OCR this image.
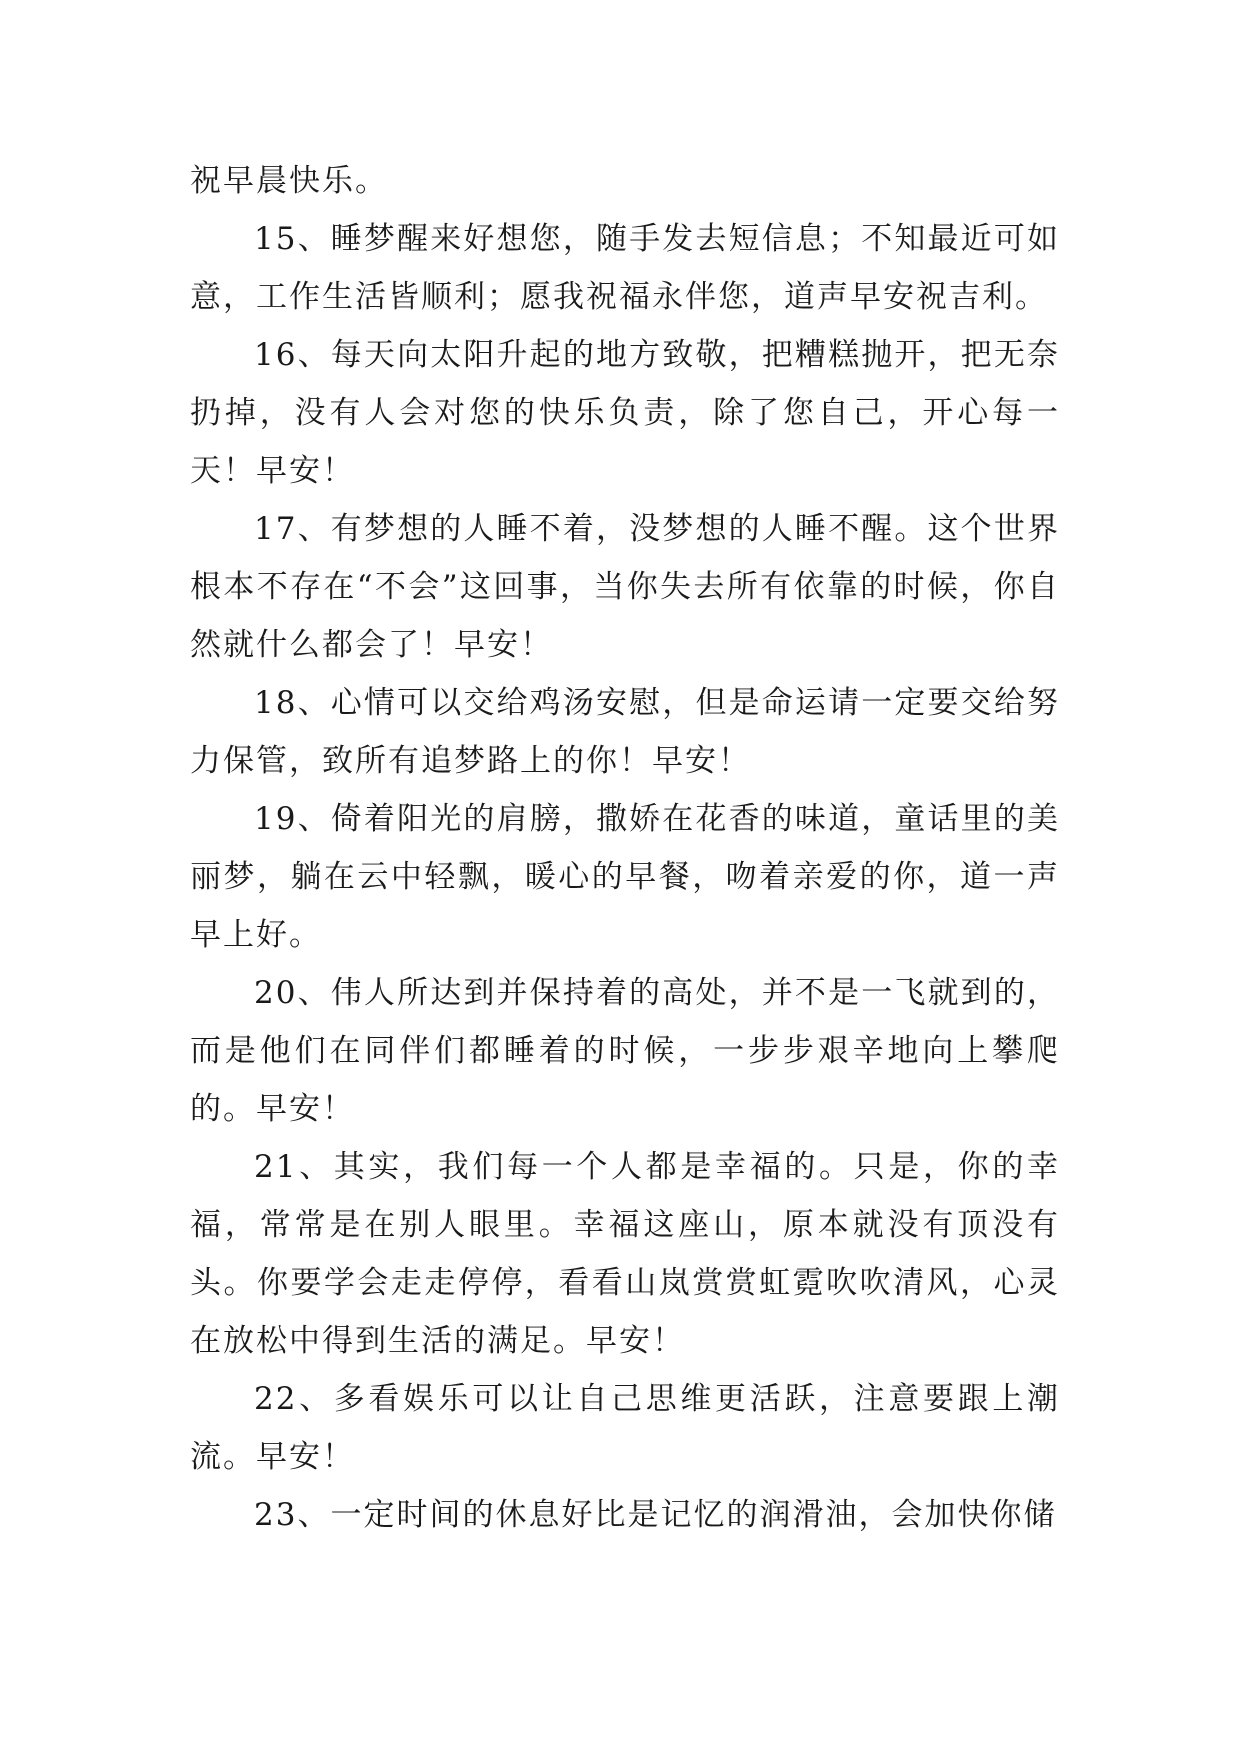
祝早晨快乐。

15、睡梦醒来好想您，随手发去短信息；不知最近可如意，工作生活皆顺利；愿我祝福永伴您，道声早安祝吉利。

16、每天向太阳升起的地方致敬，把糟糕抛开，把无奈扔掉，没有人会对您的快乐负责，除了您自己，开心每一天！早安！

17、有梦想的人睡不着，没梦想的人睡不醒。这个世界根本不存在“不会”这回事，当你失去所有依靠的时候，你自然就什么都会了！早安！

18、心情可以交给鸡汤安慰，但是命运请一定要交给努力保管，致所有追梦路上的你！早安！

19、倚着阳光的肩膀，撒娇在花香的味道，童话里的美丽梦，躺在云中轻飘，暖心的早餐，吻着亲爱的你，道一声早上好。

20、伟人所达到并保持着的高处，并不是一飞就到的，而是他们在同伴们都睡着的时候，一步步艰辛地向上攀爬的。早安！

21、其实，我们每一个人都是幸福的。只是，你的幸福，常常是在别人眼里。幸福这座山，原本就没有顶没有头。你要学会走走停停，看看山岚赏赏虹霓吹吹清风，心灵在放松中得到生活的满足。早安！

22、多看娱乐可以让自己思维更活跃，注意要跟上潮流。早安！

23、一定时间的休息好比是记忆的润滑油，会加快你储
